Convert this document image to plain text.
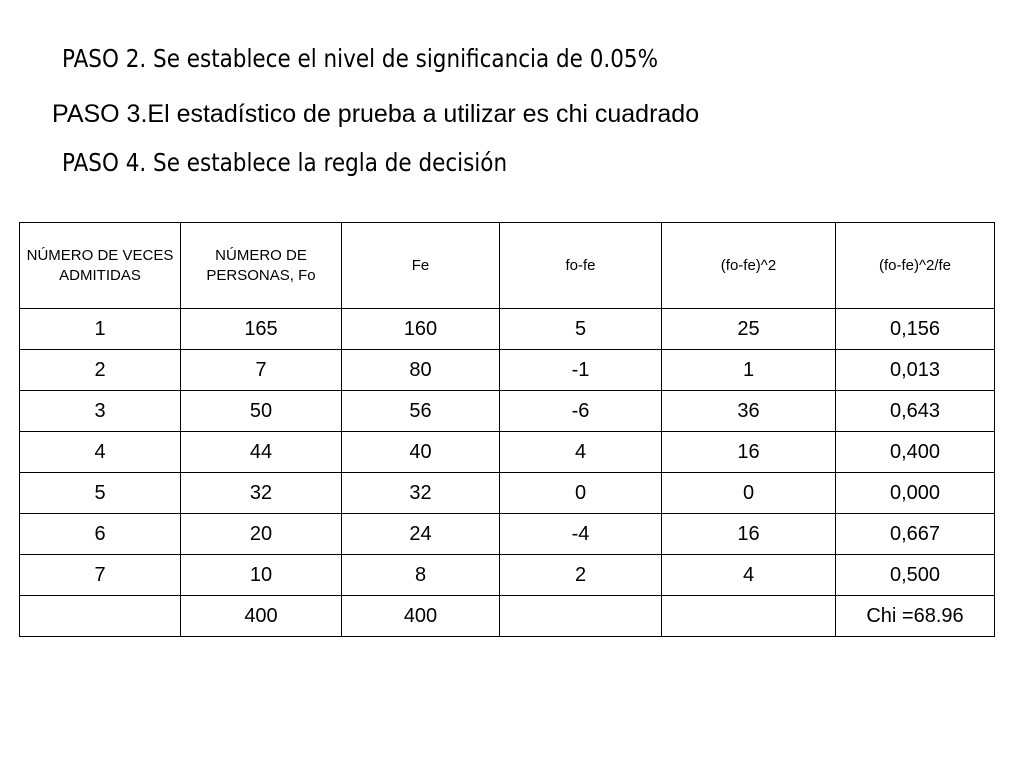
PASO 2. Se establece el nivel de significancia de 0.05%
PASO 3.El estadístico de prueba a utilizar es chi cuadrado
PASO 4. Se establece la regla de decisión
NÚMERO DE VECES ADMITIDAS	NÚMERO DE PERSONAS, Fo	Fe	fo-fe	(fo-fe)^2	(fo-fe)^2/fe
1	165	160	5	25	0,156
2	7	80	-1	1	0,013
3	50	56	-6	36	0,643
4	44	40	4	16	0,400
5	32	32	0	0	0,000
6	20	24	-4	16	0,667
7	10	8	2	4	0,500
	400	400			Chi =68.96
